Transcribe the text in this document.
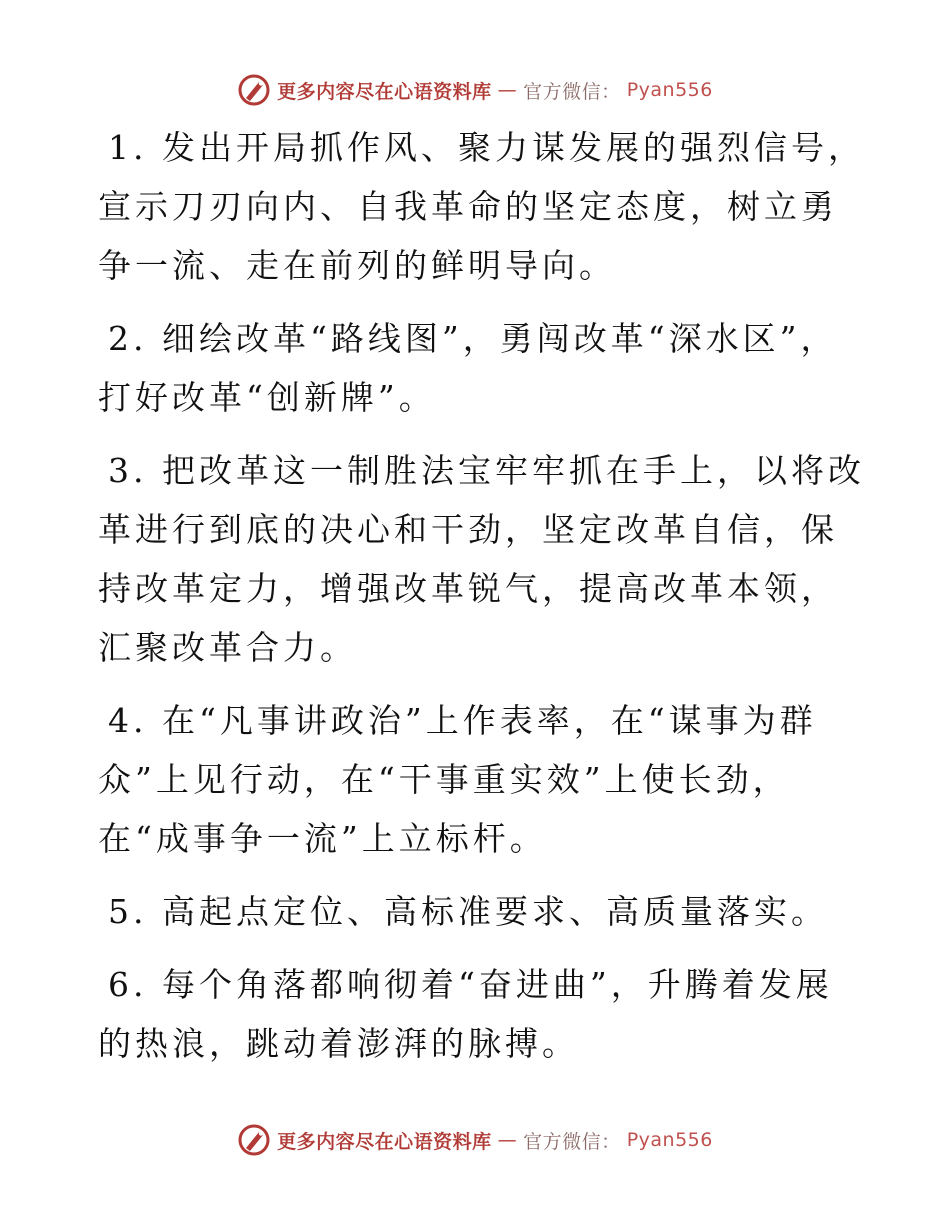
更多内容尽在心语资料库 — 官方微信： Pyan556

1. 发出开局抓作风、聚力谋发展的强烈信号，宣示刀刃向内、自我革命的坚定态度，树立勇争一流、走在前列的鲜明导向。

2. 细绘改革“路线图”，勇闯改革“深水区”，打好改革“创新牌”。

3. 把改革这一制胜法宝牢牢抓在手上，以将改革进行到底的决心和干劲，坚定改革自信，保持改革定力，增强改革锐气，提高改革本领，汇聚改革合力。

4. 在“凡事讲政治”上作表率，在“谋事为群众”上见行动，在“干事重实效”上使长劲，在“成事争一流”上立标杆。

5. 高起点定位、高标准要求、高质量落实。

6. 每个角落都响彻着“奋进曲”，升腾着发展的热浪，跳动着澎湃的脉搏。

更多内容尽在心语资料库 — 官方微信： Pyan556
